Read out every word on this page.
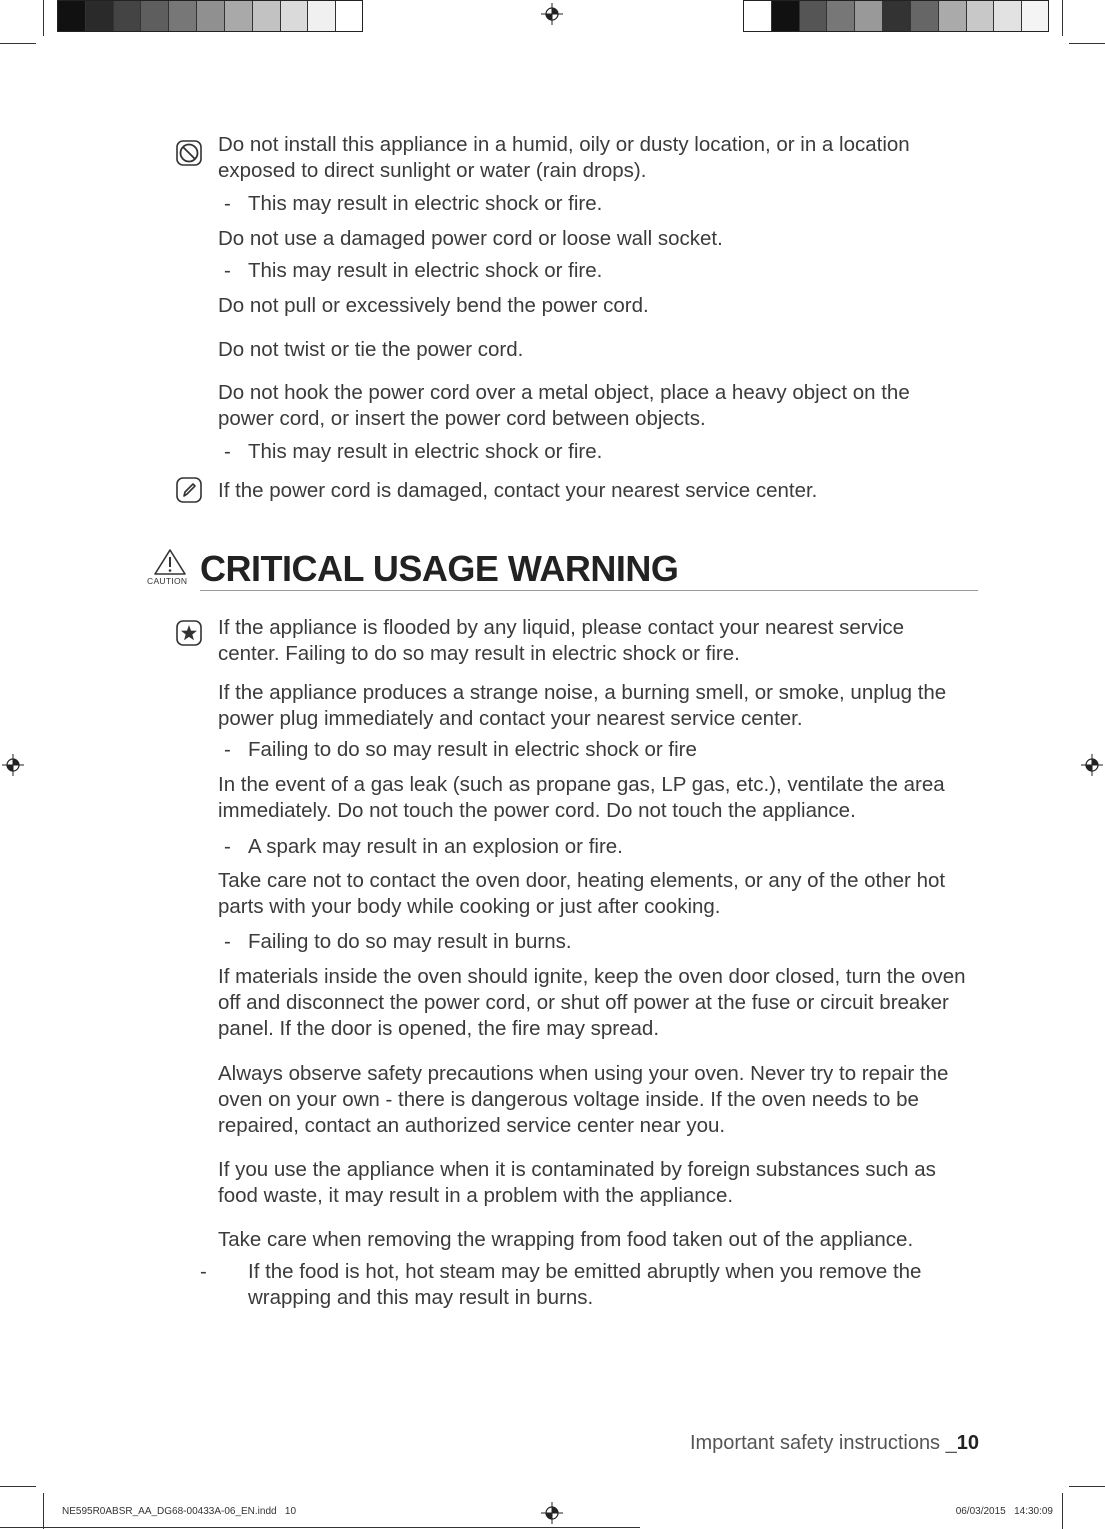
Do not install this appliance in a humid, oily or dusty location, or in a location exposed to direct sunlight or water (rain drops).
- This may result in electric shock or fire.
Do not use a damaged power cord or loose wall socket.
- This may result in electric shock or fire.
Do not pull or excessively bend the power cord.
Do not twist or tie the power cord.
Do not hook the power cord over a metal object, place a heavy object on the power cord, or insert the power cord between objects.
- This may result in electric shock or fire.
If the power cord is damaged, contact your nearest service center.
CAUTION CRITICAL USAGE WARNING
If the appliance is flooded by any liquid, please contact your nearest service center. Failing to do so may result in electric shock or fire.
If the appliance produces a strange noise, a burning smell, or smoke, unplug the power plug immediately and contact your nearest service center.
- Failing to do so may result in electric shock or fire
In the event of a gas leak (such as propane gas, LP gas, etc.), ventilate the area immediately. Do not touch the power cord. Do not touch the appliance.
- A spark may result in an explosion or fire.
Take care not to contact the oven door, heating elements, or any of the other hot parts with your body while cooking or just after cooking.
- Failing to do so may result in burns.
If materials inside the oven should ignite, keep the oven door closed, turn the oven off and disconnect the power cord, or shut off power at the fuse or circuit breaker panel. If the door is opened, the fire may spread.
Always observe safety precautions when using your oven. Never try to repair the oven on your own - there is dangerous voltage inside. If the oven needs to be repaired, contact an authorized service center near you.
If you use the appliance when it is contaminated by foreign substances such as food waste, it may result in a problem with the appliance.
Take care when removing the wrapping from food taken out of the appliance.
- If the food is hot, hot steam may be emitted abruptly when you remove the wrapping and this may result in burns.
Important safety instructions _10
NE595R0ABSR_AA_DG68-00433A-06_EN.indd   10	06/03/2015   14:30:09
